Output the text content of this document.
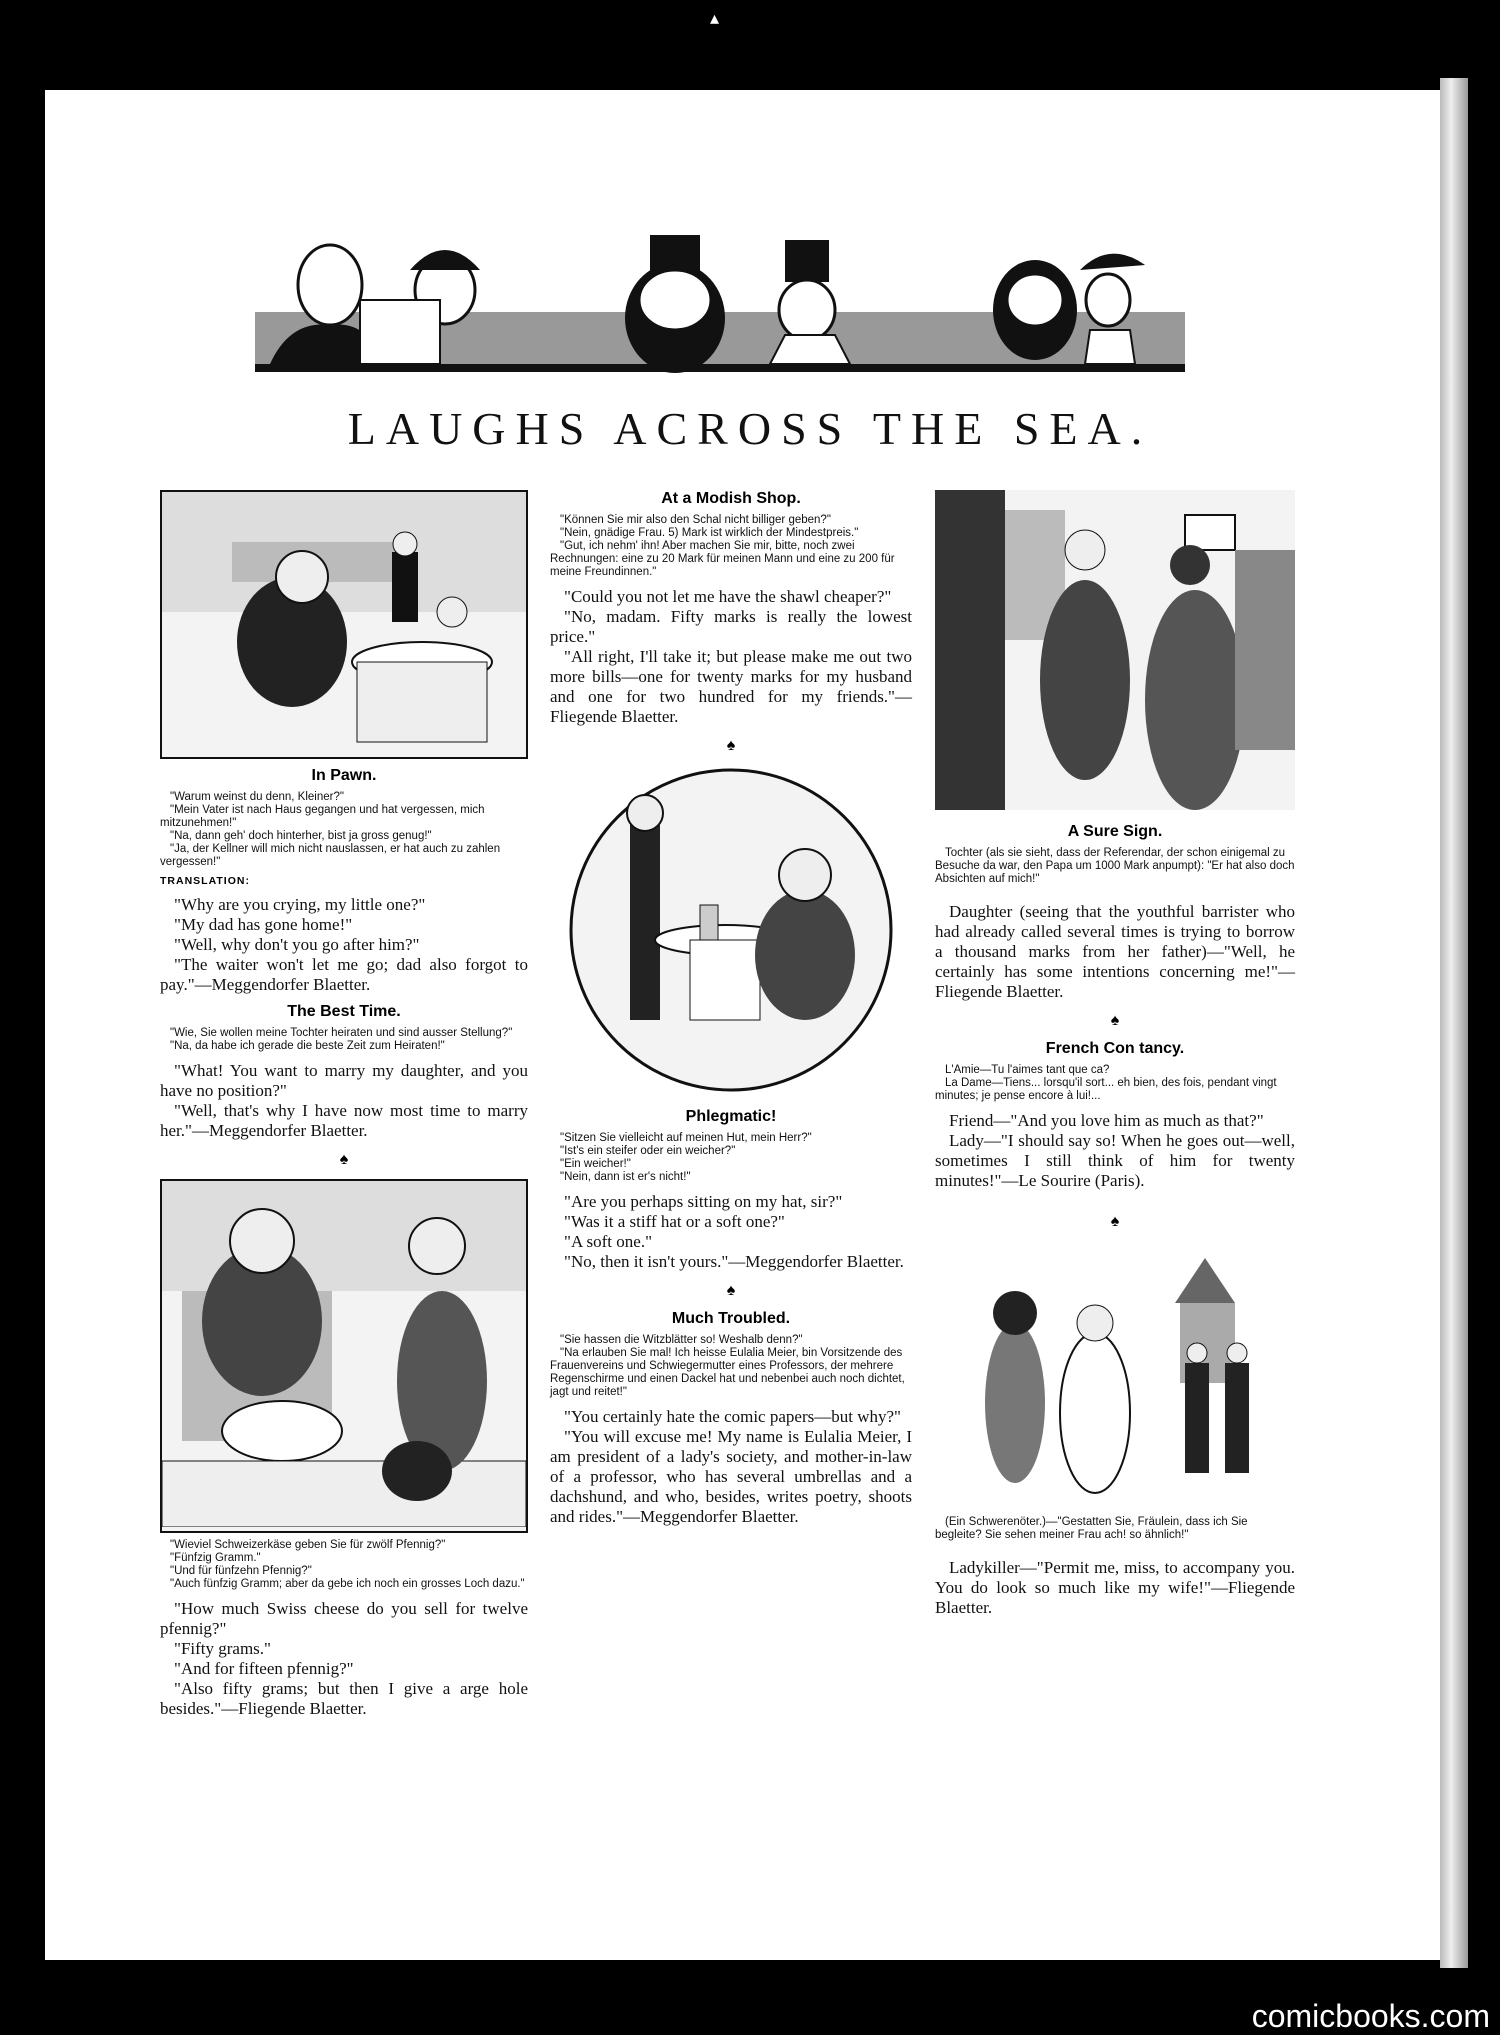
▴
LAUGHS ACROSS THE SEA.
In Pawn.

"Warum weinst du denn, Kleiner?"

"Mein Vater ist nach Haus gegangen und hat vergessen, mich mitzunehmen!"

"Na, dann geh' doch hinterher, bist ja gross genug!"

"Ja, der Kellner will mich nicht nauslassen, er hat auch zu zahlen vergessen!"

TRANSLATION:

"Why are you crying, my little one?"

"My dad has gone home!"

"Well, why don't you go after him?"

"The waiter won't let me go; dad also forgot to pay."—Meggendorfer Blaetter.

The Best Time.

"Wie, Sie wollen meine Tochter heiraten und sind ausser Stellung?"

"Na, da habe ich gerade die beste Zeit zum Heiraten!"

"What! You want to marry my daughter, and you have no position?"

"Well, that's why I have now most time to marry her."—Meggendorfer Blaetter.

♠

"Wieviel Schweizerkäse geben Sie für zwölf Pfennig?"

"Fünfzig Gramm."

"Und für fünfzehn Pfennig?"

"Auch fünfzig Gramm; aber da gebe ich noch ein grosses Loch dazu."

"How much Swiss cheese do you sell for twelve pfennig?"

"Fifty grams."

"And for fifteen pfennig?"

"Also fifty grams; but then I give a arge hole besides."—Fliegende Blaetter.

At a Modish Shop.

"Können Sie mir also den Schal nicht billiger geben?"

"Nein, gnädige Frau. 5) Mark ist wirklich der Mindestpreis."

"Gut, ich nehm' ihn! Aber machen Sie mir, bitte, noch zwei Rechnungen: eine zu 20 Mark für meinen Mann und eine zu 200 für meine Freundinnen."

"Could you not let me have the shawl cheaper?"

"No, madam. Fifty marks is really the lowest price."

"All right, I'll take it; but please make me out two more bills—one for twenty marks for my husband and one for two hundred for my friends."—Fliegende Blaetter.

♠
Phlegmatic!

"Sitzen Sie vielleicht auf meinen Hut, mein Herr?"

"Ist's ein steifer oder ein weicher?"

"Ein weicher!"

"Nein, dann ist er's nicht!"

"Are you perhaps sitting on my hat, sir?"

"Was it a stiff hat or a soft one?"

"A soft one."

"No, then it isn't yours."—Meggendorfer Blaetter.

♠
Much Troubled.

"Sie hassen die Witzblätter so! Weshalb denn?"

"Na erlauben Sie mal! Ich heisse Eulalia Meier, bin Vorsitzende des Frauenvereins und Schwiegermutter eines Professors, der mehrere Regenschirme und einen Dackel hat und nebenbei auch noch dichtet, jagt und reitet!"

"You certainly hate the comic papers—but why?"

"You will excuse me! My name is Eulalia Meier, I am president of a lady's society, and mother-in-law of a professor, who has several umbrellas and a dachshund, and who, besides, writes poetry, shoots and rides."—Meggendorfer Blaetter.

A Sure Sign.

Tochter (als sie sieht, dass der Referendar, der schon einigemal zu Besuche da war, den Papa um 1000 Mark anpumpt): "Er hat also doch Absichten auf mich!"

Daughter (seeing that the youthful barrister who had already called several times is trying to borrow a thousand marks from her father)—"Well, he certainly has some intentions concerning me!"—Fliegende Blaetter.

♠
French Con tancy.

L'Amie—Tu l'aimes tant que ca?

La Dame—Tiens... lorsqu'il sort... eh bien, des fois, pendant vingt minutes; je pense encore à lui!...

Friend—"And you love him as much as that?"

Lady—"I should say so! When he goes out—well, sometimes I still think of him for twenty minutes!"—Le Sourire (Paris).

♠

(Ein Schwerenöter.)—"Gestatten Sie, Fräulein, dass ich Sie begleite? Sie sehen meiner Frau ach! so ähnlich!"

Ladykiller—"Permit me, miss, to accompany you. You do look so much like my wife!"—Fliegende Blaetter.

comicbooks.com
